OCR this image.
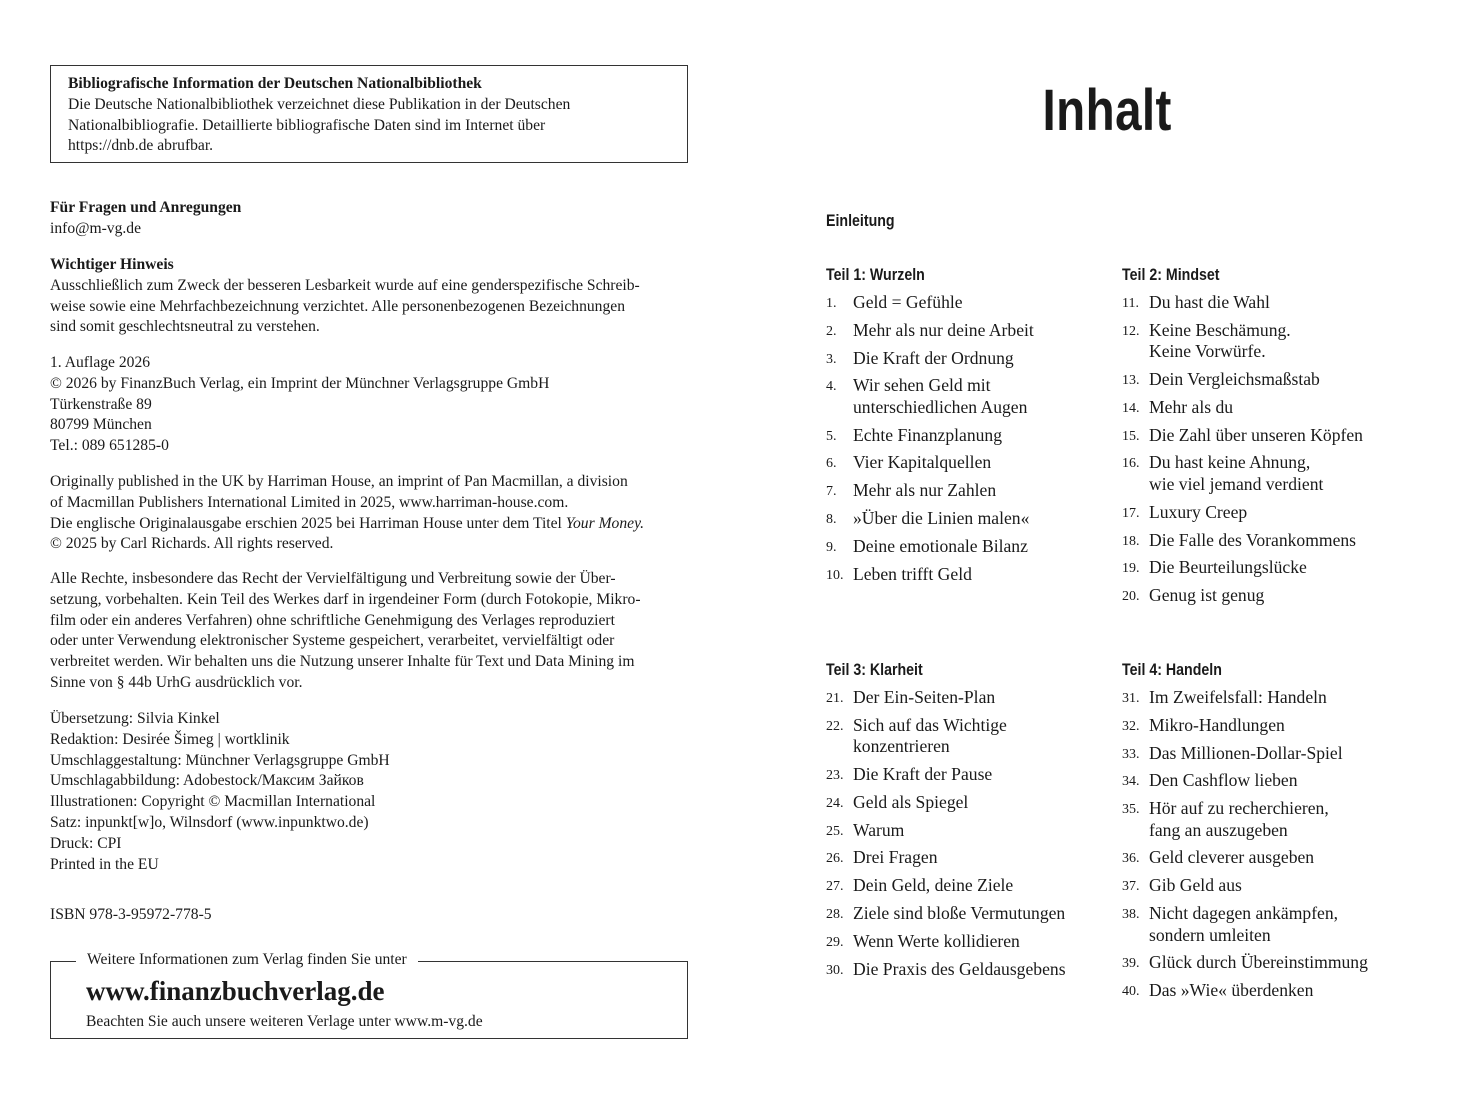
Bibliografische Information der Deutschen Nationalbibliothek
Die Deutsche Nationalbibliothek verzeichnet diese Publikation in der Deutschen
Nationalbibliografie. Detaillierte bibliografische Daten sind im Internet über
https://dnb.de abrufbar.
Für Fragen und Anregungen
info@m-vg.de
Wichtiger Hinweis
Ausschließlich zum Zweck der besseren Lesbarkeit wurde auf eine genderspezifische Schreib-
weise sowie eine Mehrfachbezeichnung verzichtet. Alle personenbezogenen Bezeichnungen
sind somit geschlechtsneutral zu verstehen.
1. Auflage 2026
© 2026 by FinanzBuch Verlag, ein Imprint der Münchner Verlagsgruppe GmbH
Türkenstraße 89
80799 München
Tel.: 089 651285-0
Originally published in the UK by Harriman House, an imprint of Pan Macmillan, a division
of Macmillan Publishers International Limited in 2025, www.harriman-house.com.
Die englische Originalausgabe erschien 2025 bei Harriman House unter dem Titel Your Money.
© 2025 by Carl Richards. All rights reserved.
Alle Rechte, insbesondere das Recht der Vervielfältigung und Verbreitung sowie der Über-
setzung, vorbehalten. Kein Teil des Werkes darf in irgendeiner Form (durch Fotokopie, Mikro-
film oder ein anderes Verfahren) ohne schriftliche Genehmigung des Verlages reproduziert
oder unter Verwendung elektronischer Systeme gespeichert, verarbeitet, vervielfältigt oder
verbreitet werden. Wir behalten uns die Nutzung unserer Inhalte für Text und Data Mining im
Sinne von § 44b UrhG ausdrücklich vor.
Übersetzung: Silvia Kinkel
Redaktion: Desirée Šimeg | wortklinik
Umschlaggestaltung: Münchner Verlagsgruppe GmbH
Umschlagabbildung: Adobestock/Максим Зайков
Illustrationen: Copyright © Macmillan International
Satz: inpunkt[w]o, Wilnsdorf (www.inpunktwo.de)
Druck: CPI
Printed in the EU
ISBN 978-3-95972-778-5
Weitere Informationen zum Verlag finden Sie unter
www.finanzbuchverlag.de
Beachten Sie auch unsere weiteren Verlage unter www.m-vg.de
Inhalt
Einleitung
Teil 1: Wurzeln
1. Geld = Gefühle
2. Mehr als nur deine Arbeit
3. Die Kraft der Ordnung
4. Wir sehen Geld mit
unterschiedlichen Augen
5. Echte Finanzplanung
6. Vier Kapitalquellen
7. Mehr als nur Zahlen
8. »Über die Linien malen«
9. Deine emotionale Bilanz
10. Leben trifft Geld
Teil 2: Mindset
11. Du hast die Wahl
12. Keine Beschämung.
Keine Vorwürfe.
13. Dein Vergleichsmaßstab
14. Mehr als du
15. Die Zahl über unseren Köpfen
16. Du hast keine Ahnung,
wie viel jemand verdient
17. Luxury Creep
18. Die Falle des Vorankommens
19. Die Beurteilungslücke
20. Genug ist genug
Teil 3: Klarheit
21. Der Ein-Seiten-Plan
22. Sich auf das Wichtige
konzentrieren
23. Die Kraft der Pause
24. Geld als Spiegel
25. Warum
26. Drei Fragen
27. Dein Geld, deine Ziele
28. Ziele sind bloße Vermutungen
29. Wenn Werte kollidieren
30. Die Praxis des Geldausgebens
Teil 4: Handeln
31. Im Zweifelsfall: Handeln
32. Mikro-Handlungen
33. Das Millionen-Dollar-Spiel
34. Den Cashflow lieben
35. Hör auf zu recherchieren,
fang an auszugeben
36. Geld cleverer ausgeben
37. Gib Geld aus
38. Nicht dagegen ankämpfen,
sondern umleiten
39. Glück durch Übereinstimmung
40. Das »Wie« überdenken
